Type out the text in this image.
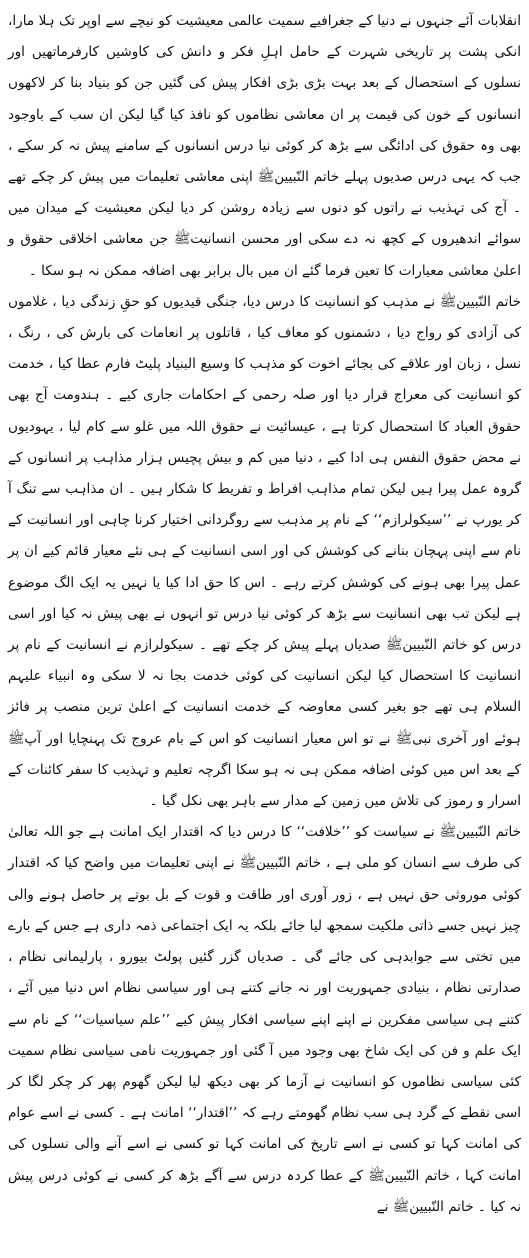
انقلابات آئے جنہوں نے دنیا کے جغرافیے سمیت عالمی معیشیت کو نیچے سے اوپر تک ہلا مارا، انکی پشت پر تاریخی شہرت کے حامل اہلِ فکر و دانش کی کاوشیں کارفرماتھیں اور نسلوں کے استحصال کے بعد بہت بڑی بڑی افکار پیش کی گئیں جن کو بنیاد بنا کر لاکھوں انسانوں کے خون کی قیمت پر ان معاشی نظاموں کو نافذ کیا گیا لیکن ان سب کے باوجود بھی وہ حقوق کی ادائگی سے بڑھ کر کوئی نیا درس انسانوں کے سامنے پیش نہ کر سکے ، جب کہ یہی درس صدیوں پہلے خاتم النّبیینﷺ اپنی معاشی تعلیمات میں پیش کر چکے تھے ۔ آج کی تہذیب نے راتوں کو دنوں سے زیادہ روشن کر دیا لیکن معیشیت کے میدان میں سوائے اندھیروں کے کچھ نہ دے سکی اور محسن انسانیتﷺ جن معاشی اخلاقی حقوق و اعلیٰ معاشی معیارات کا تعین فرما گئے ان میں بال برابر بھی اضافہ ممکن نہ ہو سکا ۔

خاتم النّبیینﷺ نے مذہب کو انسانیت کا درس دیا، جنگی قیدیوں کو حقِ زندگی دیا ، غلاموں کی آزادی کو رواج دیا ، دشمنوں کو معاف کیا ، قاتلوں پر انعامات کی بارش کی ، رنگ ، نسل ، زبان اور علاقے کی بجائے اخوت کو مذہب کا وسیع البنیاد پلیٹ فارم عطا کیا ، خدمت کو انسانیت کی معراج قرار دیا اور صلہ رحمی کے احکامات جاری کیے ۔ ہندومت آج بھی حقوق العباد کا استحصال کرتا ہے ، عیسائیت نے حقوق اللہ میں غلو سے کام لیا ، یہودیوں نے محض حقوق النفس ہی ادا کیے ، دنیا میں کم و بیش پچیس ہزار مذاہب پر انسانوں کے گروہ عمل پیرا ہیں لیکن تمام مذاہب افراط و تفریط کا شکار ہیں ۔ ان مذاہب سے تنگ آ کر یورپ نے ’’سیکولرازم‘‘ کے نام پر مذہب سے روگردانی اختیار کرنا چاہی اور انسانیت کے نام سے اپنی پہچان بنانے کی کوشش کی اور اسی انسانیت کے ہی نئے معیار قائم کیے ان پر عمل پیرا بھی ہونے کی کوشش کرتے رہے ۔ اس کا حق ادا کیا یا نہیں یہ ایک الگ موضوع ہے لیکن تب بھی انسانیت سے بڑھ کر کوئی نیا درس تو انہوں نے بھی پیش نہ کیا اور اسی درس کو خاتم النّبیینﷺ صدیاں پہلے پیش کر چکے تھے ۔ سیکولرازم نے انسانیت کے نام پر انسانیت کا استحصال کیا لیکن انسانیت کی کوئی خدمت بجا نہ لا سکی وہ انبیاء علیہم السلام ہی تھے جو بغیر کسی معاوضہ کے خدمت انسانیت کے اعلیٰ ترین منصب پر فائز ہوئے اور آخری نبیﷺ نے تو اس معیار انسانیت کو اس کے بام عروج تک پہنچایا اور آپﷺ کے بعد اس میں کوئی اضافہ ممکن ہی نہ ہو سکا اگرچہ تعلیم و تہذیب کا سفر کائنات کے اسرار و رموز کی تلاش میں زمین کے مدار سے باہر بھی نکل گیا ۔

خاتم النّبیینﷺ نے سیاست کو ’’خلافت‘‘ کا درس دیا کہ اقتدار ایک امانت ہے جو اللہ تعالیٰ کی طرف سے انسان کو ملی ہے ، خاتم النّبیینﷺ نے اپنی تعلیمات میں واضح کیا کہ اقتدار کوئی موروثی حق نہیں ہے ، زور آوری اور طاقت و قوت کے بل بوتے پر حاصل ہونے والی چیز نہیں جسے ذاتی ملکیت سمجھ لیا جائے بلکہ یہ ایک اجتماعی ذمہ داری ہے جس کے بارے میں تختی سے جوابدہی کی جائے گی ۔ صدیاں گزر گئیں پولٹ بیورو ، پارلیمانی نظام ، صدارتی نظام ، بنیادی جمہوریت اور نہ جانے کتنے ہی اور سیاسی نظام اس دنیا میں آئے ، کتنے ہی سیاسی مفکرین نے اپنے اپنے سیاسی افکار پیش کیے ’’علم سیاسیات‘‘ کے نام سے ایک علم و فن کی ایک شاخ بھی وجود میں آ گئی اور جمہوریت نامی سیاسی نظام سمیت کئی سیاسی نظاموں کو انسانیت نے آزما کر بھی دیکھ لیا لیکن گھوم پھر کر چکر لگا کر اسی نقطے کے گرد ہی سب نظام گھومتے رہے کہ ’’اقتدار‘‘ امانت ہے ۔ کسی نے اسے عوام کی امانت کہا تو کسی نے اسے تاریخ کی امانت کہا تو کسی نے اسے آنے والی نسلوں کی امانت کہا ، خاتم النّبیینﷺ کے عطا کردہ درس سے آگے بڑھ کر کسی نے کوئی درس پیش نہ کیا ۔ خاتم النّبیینﷺ نے
